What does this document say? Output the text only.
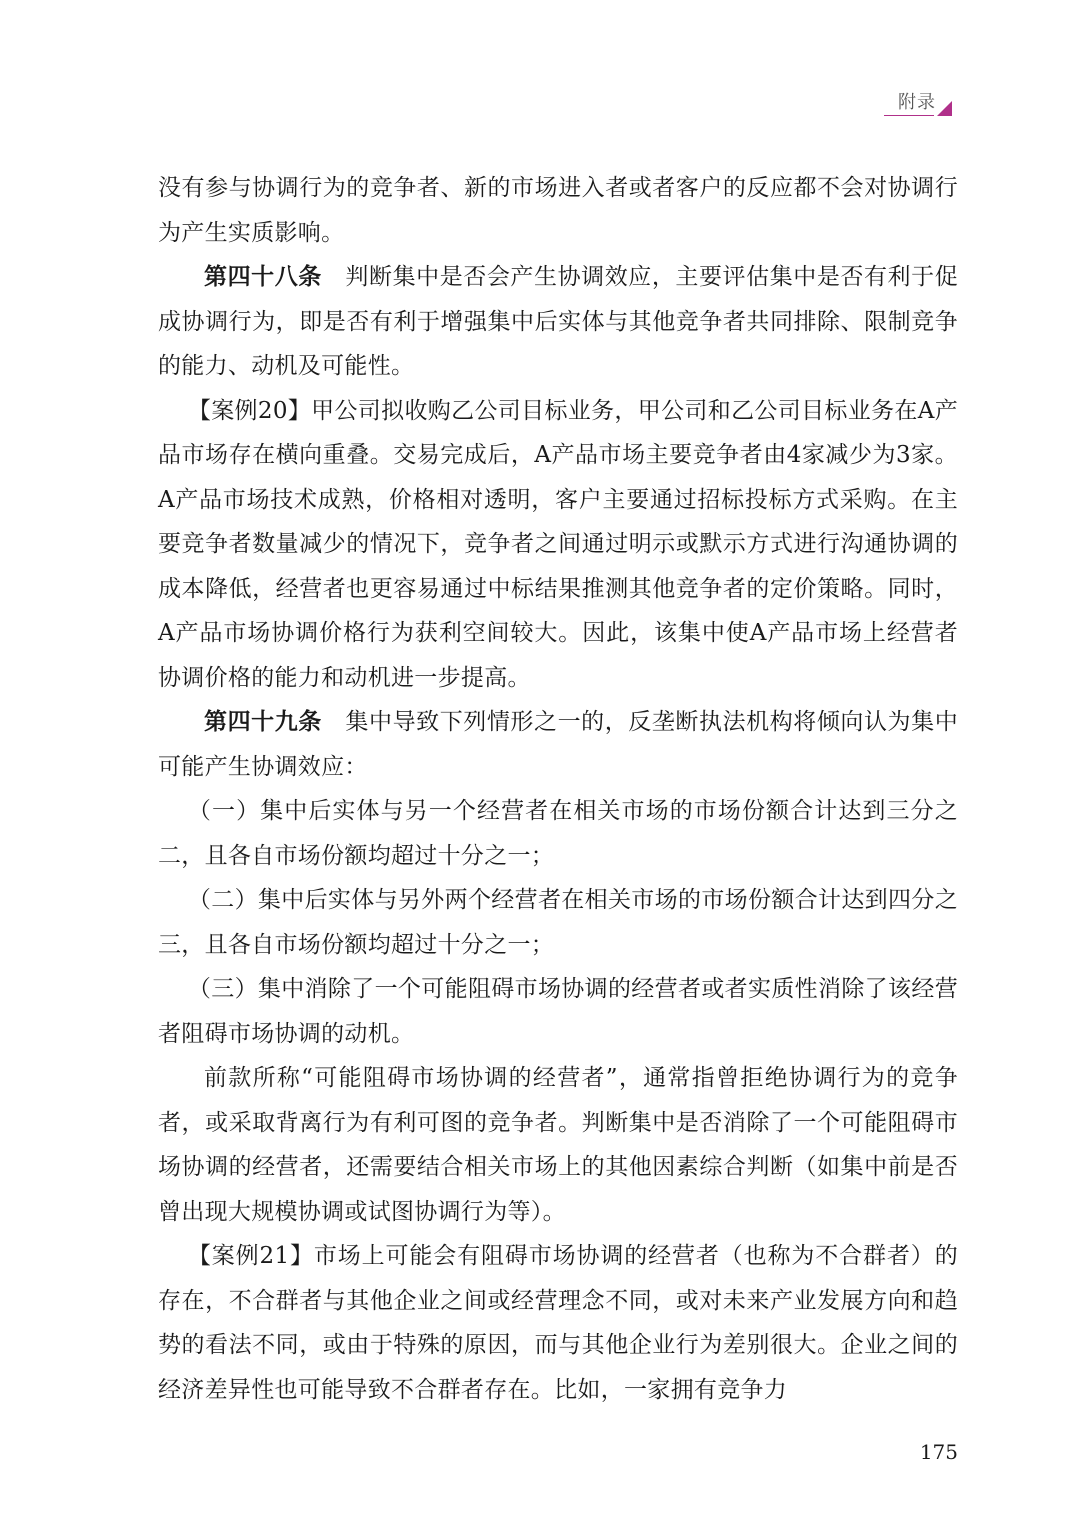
附录

没有参与协调行为的竞争者、新的市场进入者或者客户的反应都不会对协调行为产生实质影响。

第四十八条　判断集中是否会产生协调效应，主要评估集中是否有利于促成协调行为，即是否有利于增强集中后实体与其他竞争者共同排除、限制竞争的能力、动机及可能性。

【案例20】甲公司拟收购乙公司目标业务，甲公司和乙公司目标业务在A产品市场存在横向重叠。交易完成后，A产品市场主要竞争者由4家减少为3家。A产品市场技术成熟，价格相对透明，客户主要通过招标投标方式采购。在主要竞争者数量减少的情况下，竞争者之间通过明示或默示方式进行沟通协调的成本降低，经营者也更容易通过中标结果推测其他竞争者的定价策略。同时，A产品市场协调价格行为获利空间较大。因此，该集中使A产品市场上经营者协调价格的能力和动机进一步提高。

第四十九条　集中导致下列情形之一的，反垄断执法机构将倾向认为集中可能产生协调效应：

（一）集中后实体与另一个经营者在相关市场的市场份额合计达到三分之二，且各自市场份额均超过十分之一；

（二）集中后实体与另外两个经营者在相关市场的市场份额合计达到四分之三，且各自市场份额均超过十分之一；

（三）集中消除了一个可能阻碍市场协调的经营者或者实质性消除了该经营者阻碍市场协调的动机。

前款所称“可能阻碍市场协调的经营者”，通常指曾拒绝协调行为的竞争者，或采取背离行为有利可图的竞争者。判断集中是否消除了一个可能阻碍市场协调的经营者，还需要结合相关市场上的其他因素综合判断（如集中前是否曾出现大规模协调或试图协调行为等）。

【案例21】市场上可能会有阻碍市场协调的经营者（也称为不合群者）的存在，不合群者与其他企业之间或经营理念不同，或对未来产业发展方向和趋势的看法不同，或由于特殊的原因，而与其他企业行为差别很大。企业之间的经济差异性也可能导致不合群者存在。比如，一家拥有竞争力

175
